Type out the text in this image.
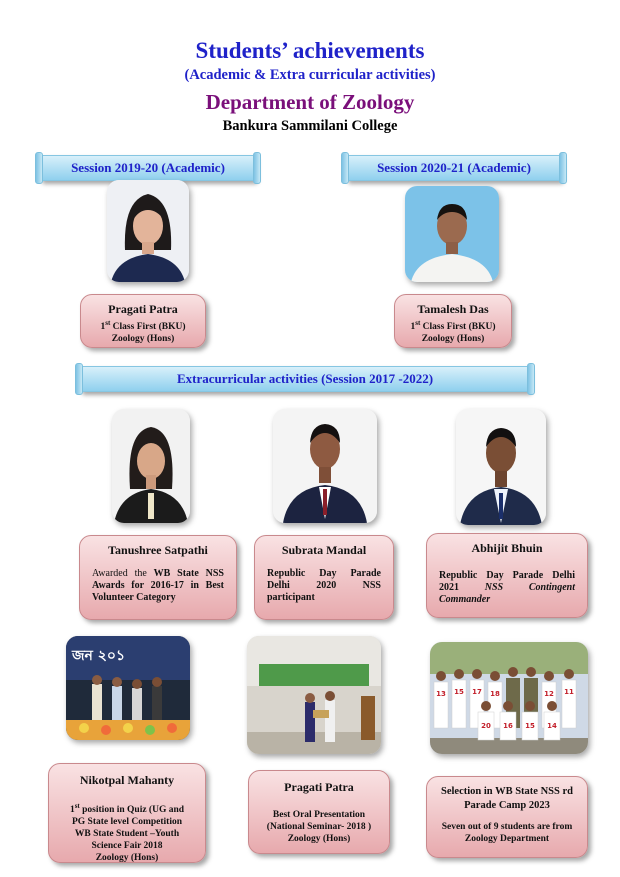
Students’ achievements
(Academic & Extra curricular activities)
Department of Zoology
Bankura Sammilani College
Session 2019-20 (Academic)	Session 2020-21 (Academic)
Pragati Patra
1st Class First (BKU)
Zoology (Hons)
Tamalesh Das
1st Class First (BKU)
Zoology (Hons)
Extracurricular activities (Session 2017 -2022)
Tanushree Satpathi
Awarded the WB State NSS Awards for 2016-17 in Best Volunteer Category
Subrata Mandal
Republic Day Parade Delhi 2020 NSS participant
Abhijit Bhuin
Republic Day Parade Delhi 2021 NSS Contingent Commander
জন ২০১
13 15 17 18	12 11
20 16 15 14
Nikotpal Mahanty
1st position in Quiz (UG and
PG State level Competition
WB State Student –Youth
Science Fair 2018
Zoology (Hons)
Pragati Patra
Best Oral Presentation
(National Seminar- 2018 )
Zoology (Hons)
Selection in WB State NSS rd
Parade Camp 2023
Seven out of 9 students are from
Zoology Department
